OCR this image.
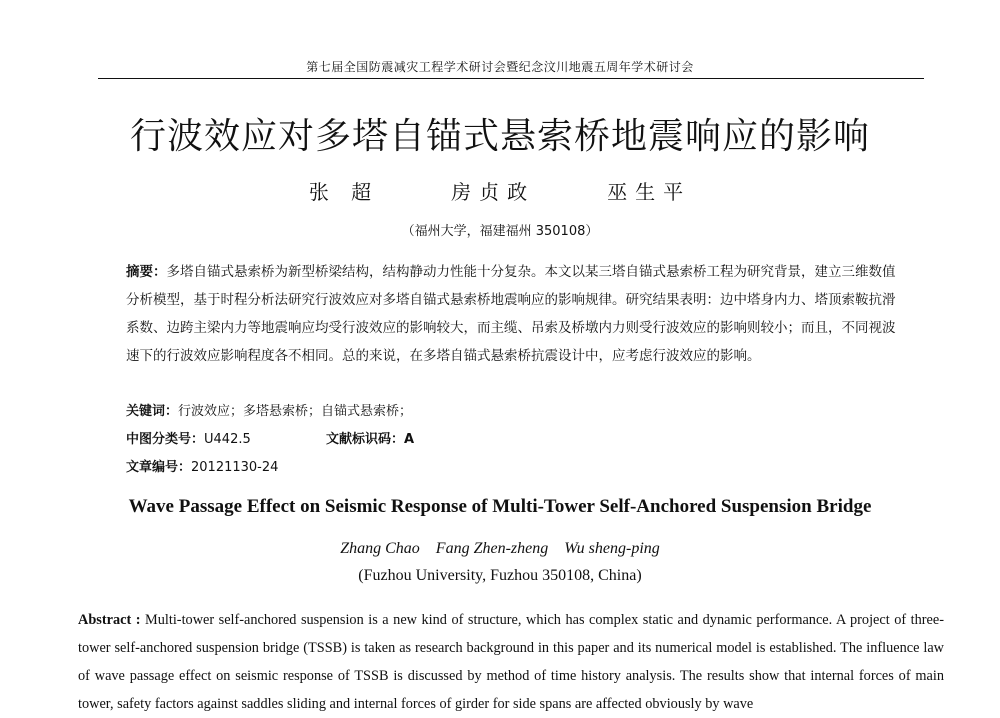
第七届全国防震减灾工程学术研讨会暨纪念汶川地震五周年学术研讨会
行波效应对多塔自锚式悬索桥地震响应的影响
张 超	房贞政	巫生平
（福州大学，福建福州 350108）
摘要：多塔自锚式悬索桥为新型桥梁结构，结构静动力性能十分复杂。本文以某三塔自锚式悬索桥工程为研究背景，建立三维数值分析模型，基于时程分析法研究行波效应对多塔自锚式悬索桥地震响应的影响规律。研究结果表明：边中塔身内力、塔顶索鞍抗滑系数、边跨主梁内力等地震响应均受行波效应的影响较大，而主缆、吊索及桥墩内力则受行波效应的影响则较小；而且，不同视波速下的行波效应影响程度各不相同。总的来说，在多塔自锚式悬索桥抗震设计中，应考虑行波效应的影响。
关键词：行波效应；多塔悬索桥；自锚式悬索桥；
中图分类号：U442.5	文献标识码：A
文章编号：20121130-24
Wave Passage Effect on Seismic Response of Multi-Tower Self-Anchored Suspension Bridge
Zhang Chao Fang Zhen-zheng Wu sheng-ping
(Fuzhou University, Fuzhou 350108, China)
Abstract : Multi-tower self-anchored suspension is a new kind of structure, which has complex static and dynamic performance. A project of three-tower self-anchored suspension bridge (TSSB) is taken as research background in this paper and its numerical model is established. The influence law of wave passage effect on seismic response of TSSB is discussed by method of time history analysis. The results show that internal forces of main tower, safety factors against saddles sliding and internal forces of girder for side spans are affected obviously by wave
